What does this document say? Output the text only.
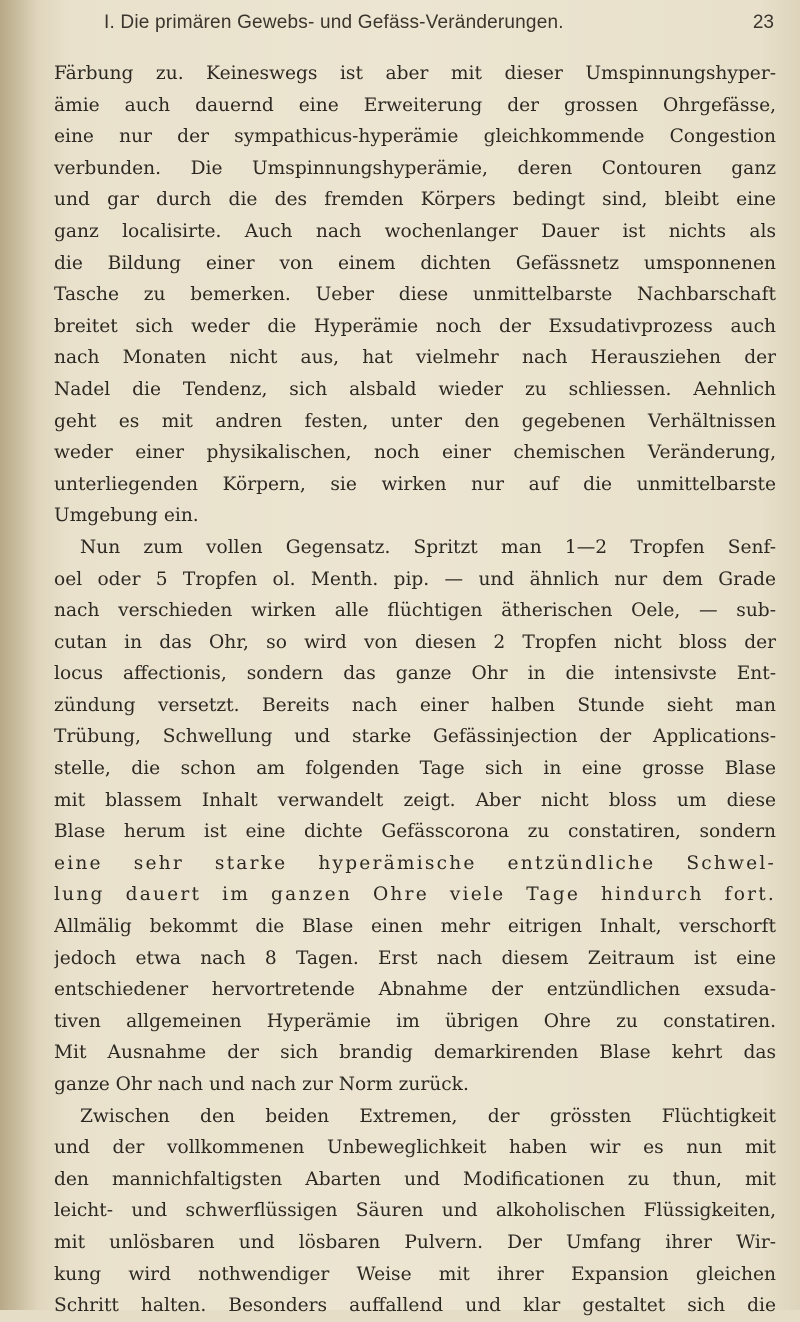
I. Die primären Gewebs- und Gefäss-Veränderungen.	23
Färbung zu. Keineswegs ist aber mit dieser Umspinnungshyper-
ämie auch dauernd eine Erweiterung der grossen Ohrgefässe,
eine nur der sympathicus-hyperämie gleichkommende Congestion
verbunden. Die Umspinnungshyperämie, deren Contouren ganz
und gar durch die des fremden Körpers bedingt sind, bleibt eine
ganz localisirte. Auch nach wochenlanger Dauer ist nichts als
die Bildung einer von einem dichten Gefässnetz umsponnenen
Tasche zu bemerken. Ueber diese unmittelbarste Nachbarschaft
breitet sich weder die Hyperämie noch der Exsudativprozess auch
nach Monaten nicht aus, hat vielmehr nach Herausziehen der
Nadel die Tendenz, sich alsbald wieder zu schliessen. Aehnlich
geht es mit andren festen, unter den gegebenen Verhältnissen
weder einer physikalischen, noch einer chemischen Veränderung,
unterliegenden Körpern, sie wirken nur auf die unmittelbarste
Umgebung ein.
Nun zum vollen Gegensatz. Spritzt man 1—2 Tropfen Senf-
oel oder 5 Tropfen ol. Menth. pip. — und ähnlich nur dem Grade
nach verschieden wirken alle flüchtigen ätherischen Oele, — sub-
cutan in das Ohr, so wird von diesen 2 Tropfen nicht bloss der
locus affectionis, sondern das ganze Ohr in die intensivste Ent-
zündung versetzt. Bereits nach einer halben Stunde sieht man
Trübung, Schwellung und starke Gefässinjection der Applications-
stelle, die schon am folgenden Tage sich in eine grosse Blase
mit blassem Inhalt verwandelt zeigt. Aber nicht bloss um diese
Blase herum ist eine dichte Gefässcorona zu constatiren, sondern
eine sehr starke hyperämische entzündliche Schwel-
lung dauert im ganzen Ohre viele Tage hindurch fort.
Allmälig bekommt die Blase einen mehr eitrigen Inhalt, verschorft
jedoch etwa nach 8 Tagen. Erst nach diesem Zeitraum ist eine
entschiedener hervortretende Abnahme der entzündlichen exsuda-
tiven allgemeinen Hyperämie im übrigen Ohre zu constatiren.
Mit Ausnahme der sich brandig demarkirenden Blase kehrt das
ganze Ohr nach und nach zur Norm zurück.
Zwischen den beiden Extremen, der grössten Flüchtigkeit
und der vollkommenen Unbeweglichkeit haben wir es nun mit
den mannichfaltigsten Abarten und Modificationen zu thun, mit
leicht- und schwerflüssigen Säuren und alkoholischen Flüssigkeiten,
mit unlösbaren und lösbaren Pulvern. Der Umfang ihrer Wir-
kung wird nothwendiger Weise mit ihrer Expansion gleichen
Schritt halten. Besonders auffallend und klar gestaltet sich die
